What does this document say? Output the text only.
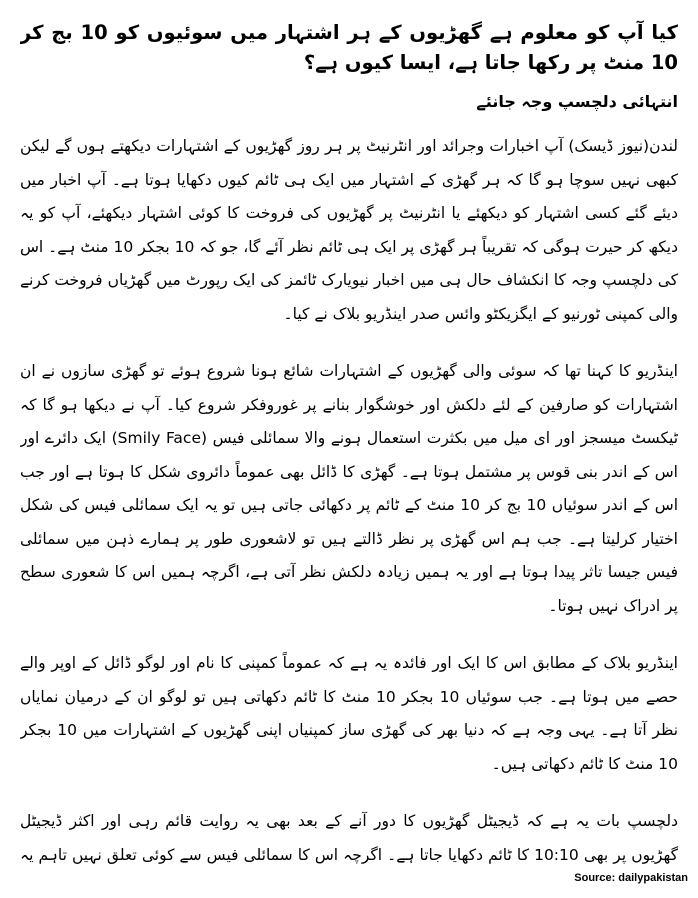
کیا آپ کو معلوم ہے گھڑیوں کے ہر اشتہار میں سوئیوں کو 10 بج کر 10 منٹ پر رکھا جاتا ہے، ایسا کیوں ہے؟
انتہائی دلچسپ وجہ جانئے

لندن(نیوز ڈیسک) آپ اخبارات وجرائد اور انٹرنیٹ پر ہر روز گھڑیوں کے اشتہارات دیکھتے ہوں گے لیکن کبھی نہیں سوچا ہو گا کہ ہر گھڑی کے اشتہار میں ایک ہی ٹائم کیوں دکھایا ہوتا ہے۔ آپ اخبار میں دیئے گئے کسی اشتہار کو دیکھئے یا انٹرنیٹ پر گھڑیوں کی فروخت کا کوئی اشتہار دیکھئے، آپ کو یہ دیکھ کر حیرت ہوگی کہ تقریباً ہر گھڑی پر ایک ہی ٹائم نظر آئے گا، جو کہ 10 بجکر 10 منٹ ہے۔ اس کی دلچسپ وجہ کا انکشاف حال ہی میں اخبار نیویارک ٹائمز کی ایک رپورٹ میں گھڑیاں فروخت کرنے والی کمپنی ٹورنیو کے ایگزیکٹو وائس صدر اینڈریو بلاک نے کیا۔

اینڈریو کا کہنا تھا کہ سوئی والی گھڑیوں کے اشتہارات شائع ہونا شروع ہوئے تو گھڑی سازوں نے ان اشتہارات کو صارفین کے لئے دلکش اور خوشگوار بنانے پر غوروفکر شروع کیا۔ آپ نے دیکھا ہو گا کہ ٹیکسٹ میسجز اور ای میل میں بکثرت استعمال ہونے والا سمائلی فیس (Smily Face) ایک دائرے اور اس کے اندر بنی قوس پر مشتمل ہوتا ہے۔ گھڑی کا ڈائل بھی عموماً دائروی شکل کا ہوتا ہے اور جب اس کے اندر سوئیاں 10 بج کر 10 منٹ کے ٹائم پر دکھائی جاتی ہیں تو یہ ایک سمائلی فیس کی شکل اختیار کرلیتا ہے۔ جب ہم اس گھڑی پر نظر ڈالتے ہیں تو لاشعوری طور پر ہمارے ذہن میں سمائلی فیس جیسا تاثر پیدا ہوتا ہے اور یہ ہمیں زیادہ دلکش نظر آتی ہے، اگرچہ ہمیں اس کا شعوری سطح پر ادراک نہیں ہوتا۔

اینڈریو بلاک کے مطابق اس کا ایک اور فائدہ یہ ہے کہ عموماً کمپنی کا نام اور لوگو ڈائل کے اوپر والے حصے میں ہوتا ہے۔ جب سوئیاں 10 بجکر 10 منٹ کا ٹائم دکھاتی ہیں تو لوگو ان کے درمیان نمایاں نظر آتا ہے۔ یہی وجہ ہے کہ دنیا بھر کی گھڑی ساز کمپنیاں اپنی گھڑیوں کے اشتہارات میں 10 بجکر 10 منٹ کا ٹائم دکھاتی ہیں۔

دلچسپ بات یہ ہے کہ ڈیجیٹل گھڑیوں کا دور آنے کے بعد بھی یہ روایت قائم رہی اور اکثر ڈیجیٹل گھڑیوں پر بھی 10:10 کا ٹائم دکھایا جاتا ہے۔ اگرچہ اس کا سمائلی فیس سے کوئی تعلق نہیں تاہم یہ

Source: dailypakistan
